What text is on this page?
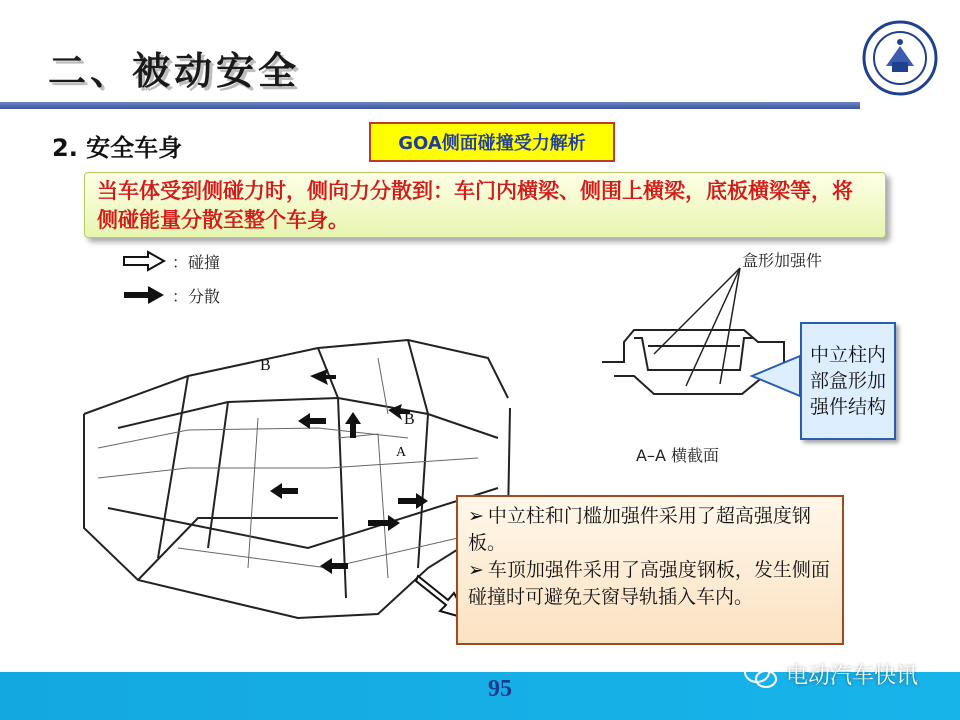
二、被动安全
2. 安全车身	GOA侧面碰撞受力解析
当车体受到侧碰力时，侧向力分散到：车门内横梁、侧围上横梁，底板横梁等，将侧碰能量分散至整个车身。
：碰撞
：分散
B
B
A
盒形加强件
中立柱内部盒形加强件结构
A–A 横截面
➢ 中立柱和门槛加强件采用了超高强度钢板。
➢ 车顶加强件采用了高强度钢板，发生侧面碰撞时可避免天窗导轨插入车内。
95	电动汽车快讯
